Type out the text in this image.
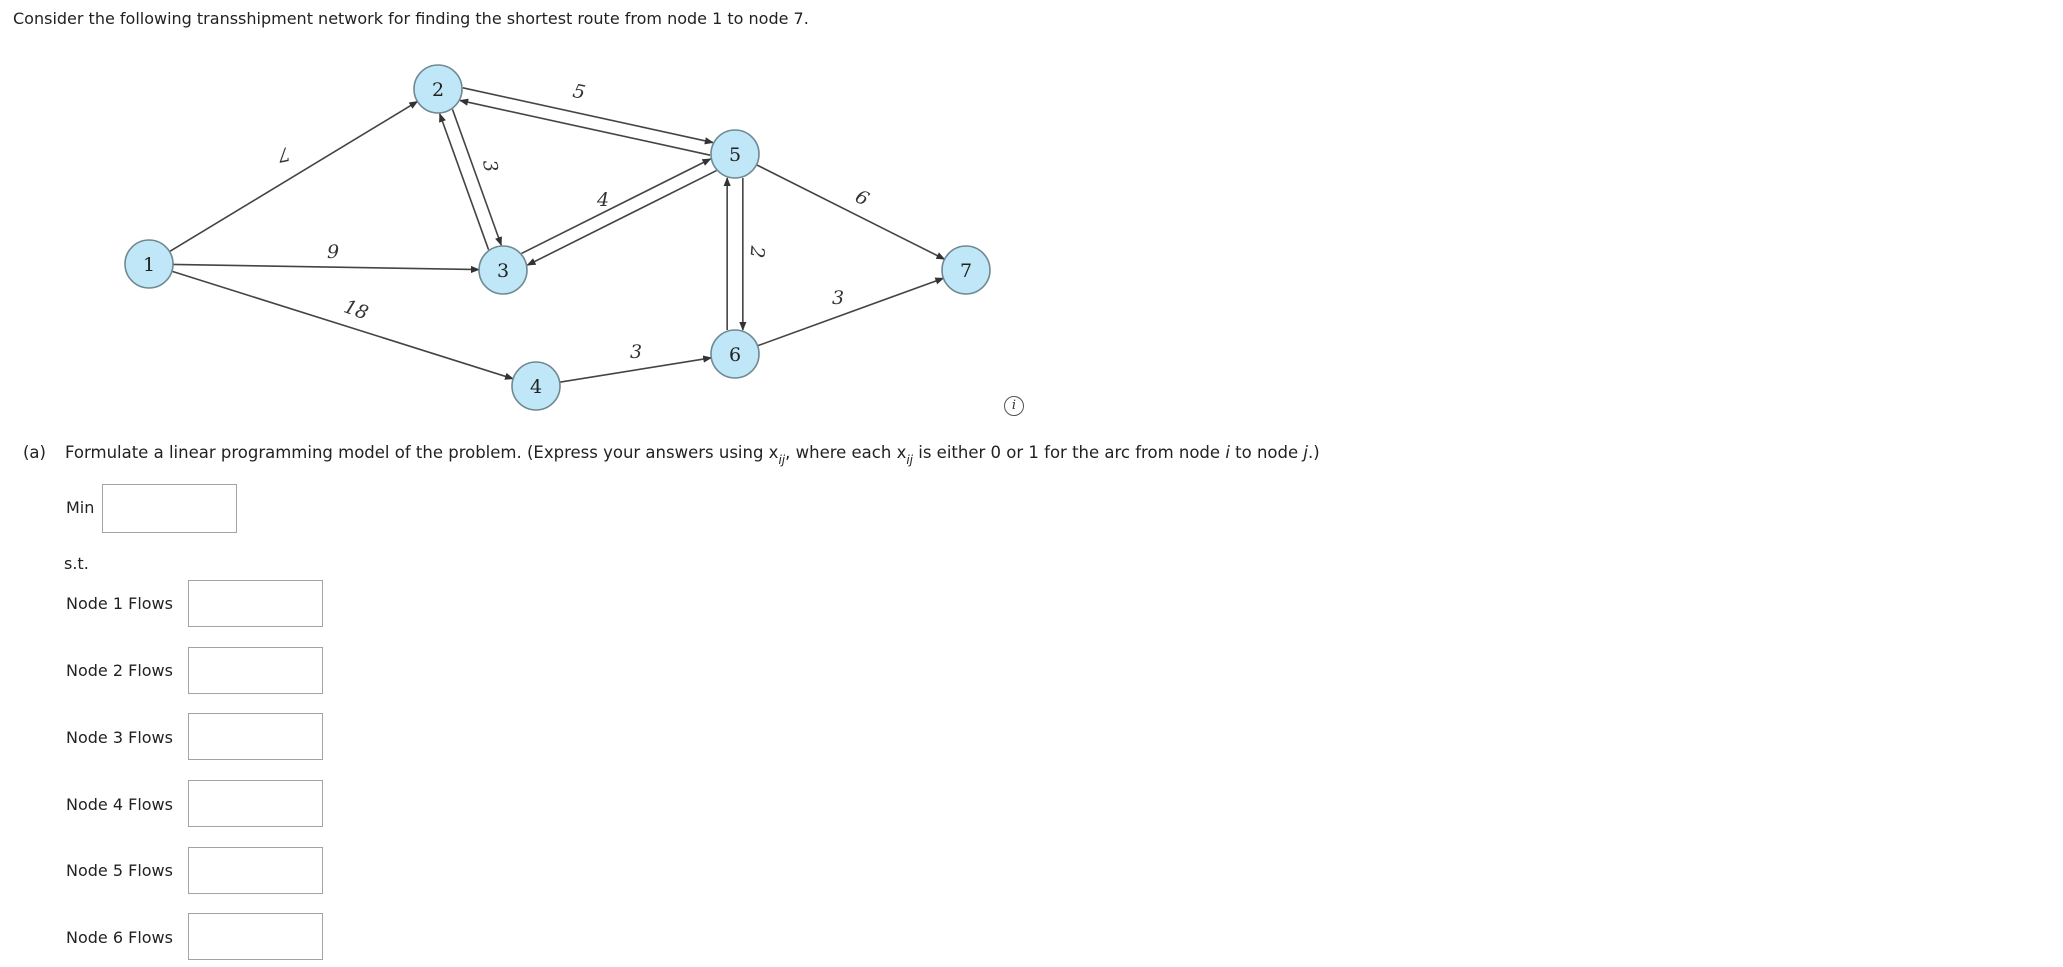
Consider the following transshipment network for finding the shortest route from node 1 to node 7.
1
2
3
4
5
6
7
7
9
18
3
5
4
3
2
6
3
i
(a) Formulate a linear programming model of the problem. (Express your answers using $x_{ij}$, where each $x_{ij}$ is either 0 or 1 for the arc from node i to node j.)
Min
s.t.
Node 1 Flows
Node 2 Flows
Node 3 Flows
Node 4 Flows
Node 5 Flows
Node 6 Flows
